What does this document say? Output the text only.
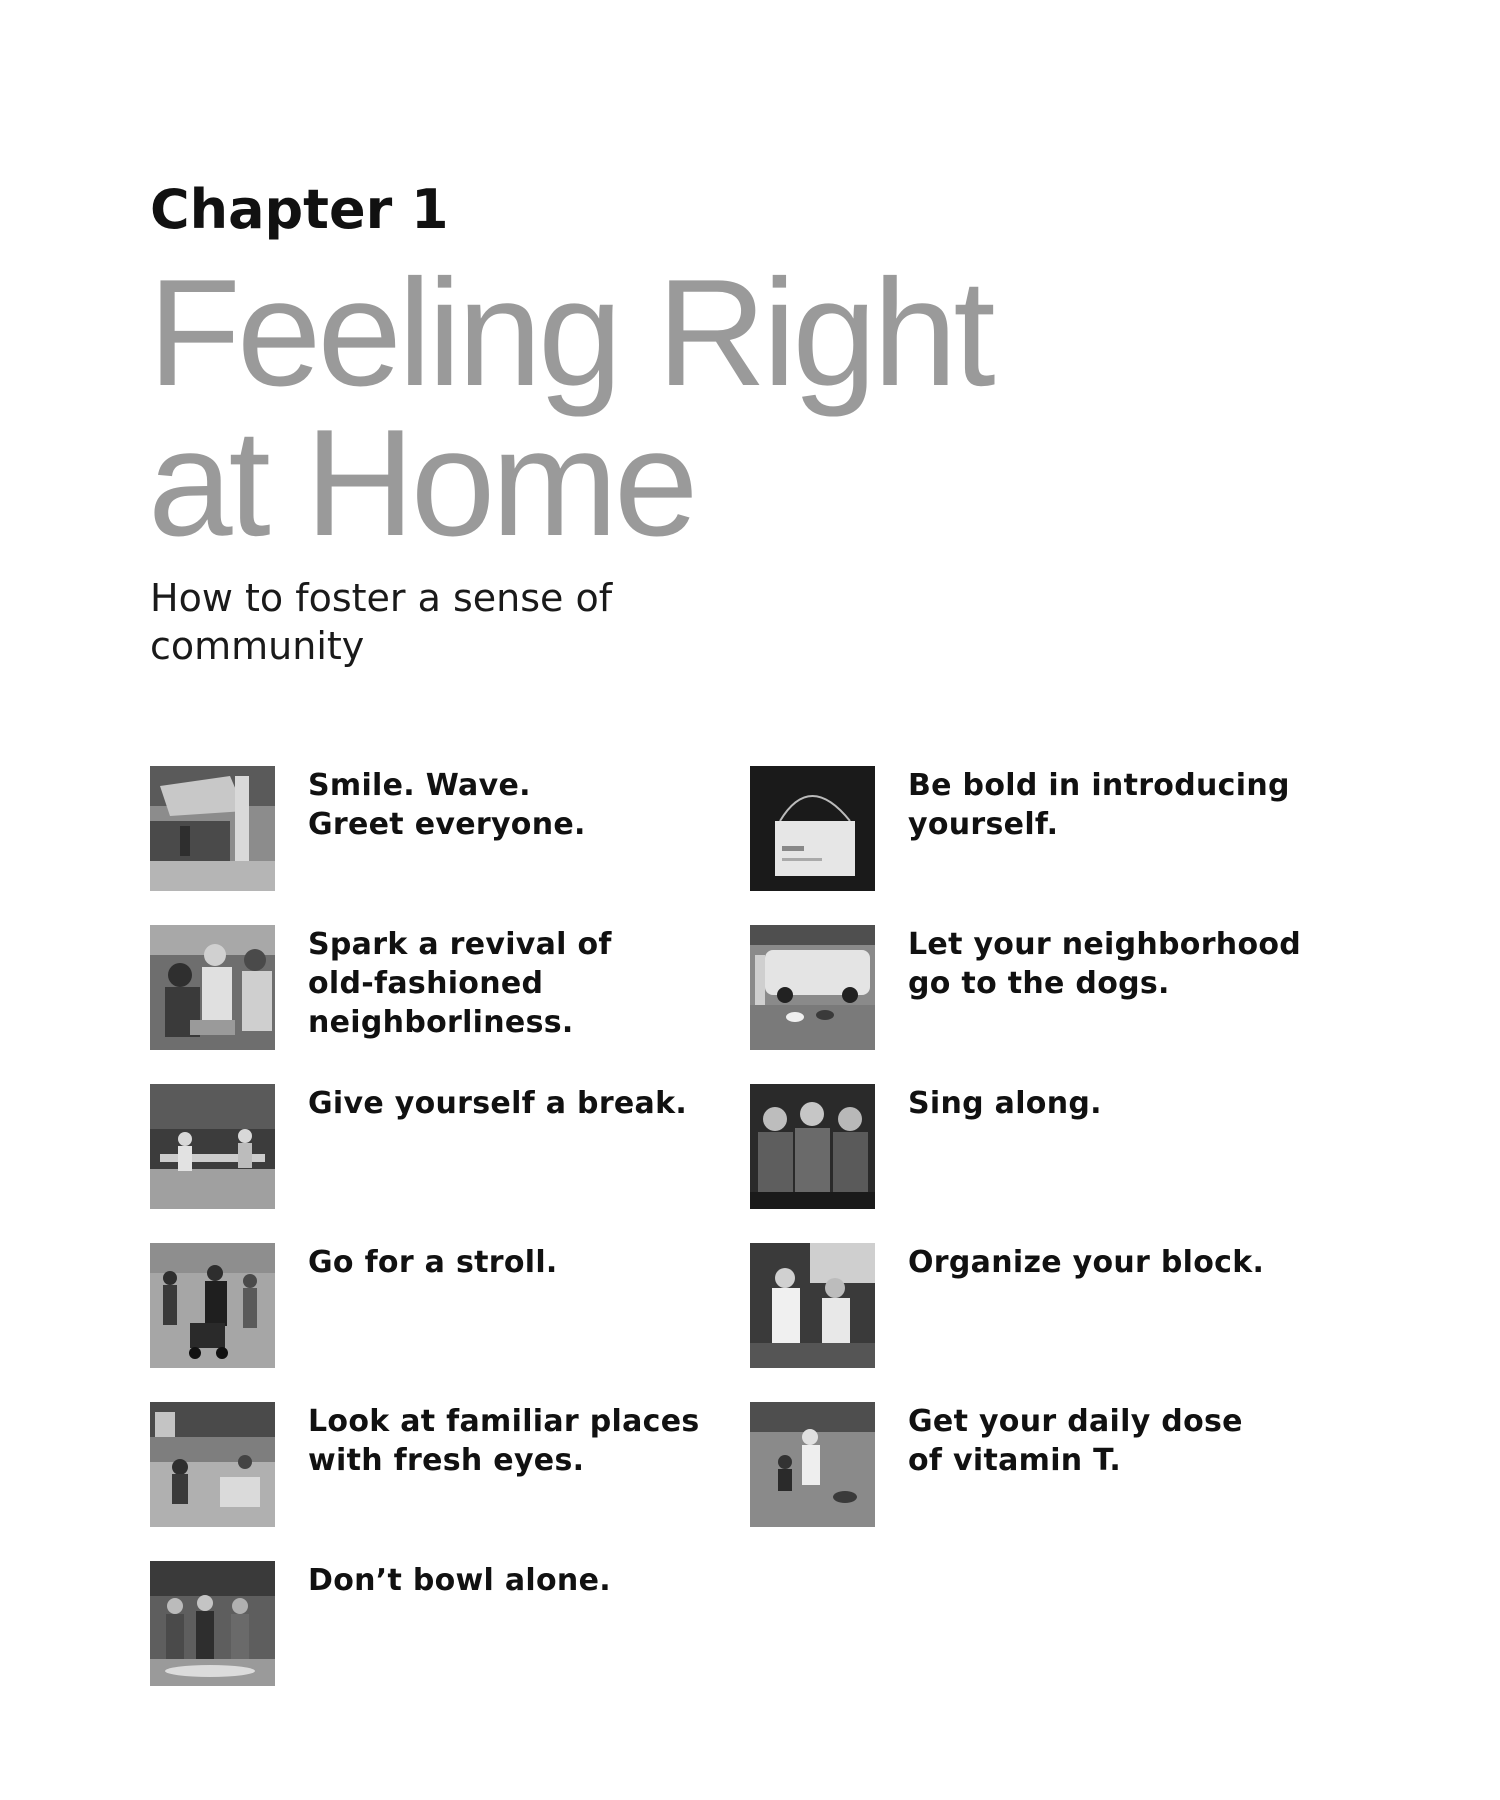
Chapter 1
Feeling Right
at Home

How to foster a sense of community

Smile. Wave.
Greet everyone.
Be bold in introducing
yourself.
Spark a revival of
old-fashioned
neighborliness.
Let your neighborhood
go to the dogs.
Give yourself a break.	Sing along.
Go for a stroll.	Organize your block.
Look at familiar places
with fresh eyes.
Get your daily dose
of vitamin T.
Don’t bowl alone.
